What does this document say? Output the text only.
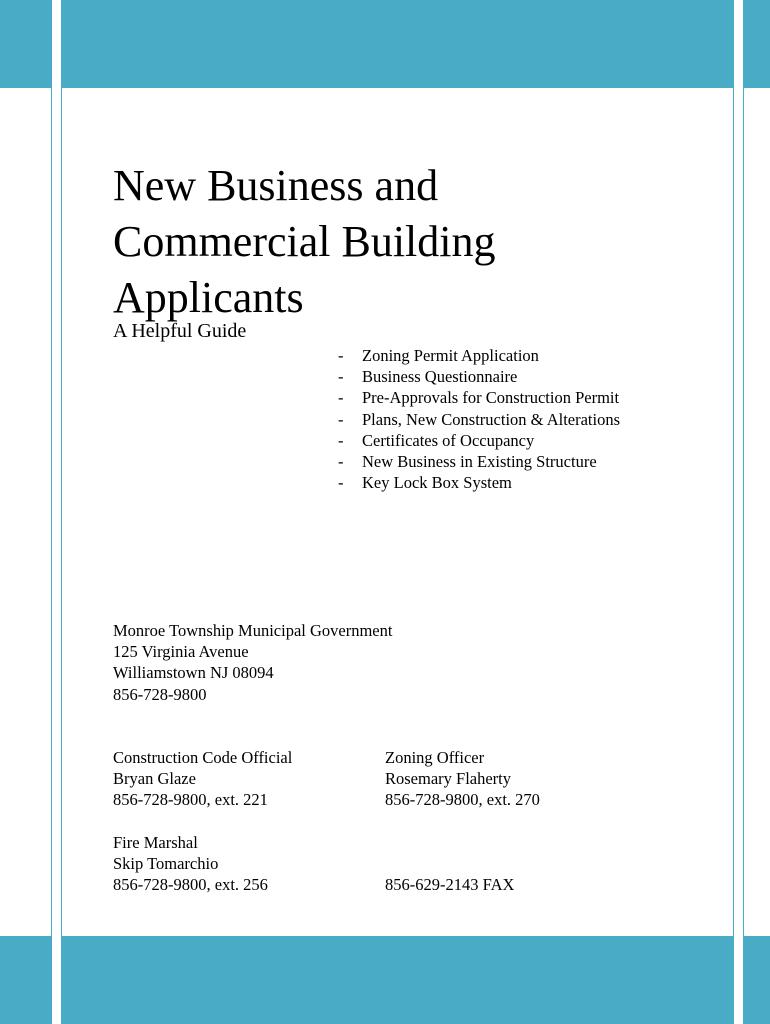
New Business and
Commercial Building
Applicants
A Helpful Guide
- Zoning Permit Application
- Business Questionnaire
- Pre-Approvals for Construction Permit
- Plans, New Construction & Alterations
- Certificates of Occupancy
- New Business in Existing Structure
- Key Lock Box System
Monroe Township Municipal Government
125 Virginia Avenue
Williamstown NJ 08094
856-728-9800
Construction Code Official
Bryan Glaze
856-728-9800, ext. 221
Zoning Officer
Rosemary Flaherty
856-728-9800, ext. 270
Fire Marshal
Skip Tomarchio
856-728-9800, ext. 256	856-629-2143 FAX
